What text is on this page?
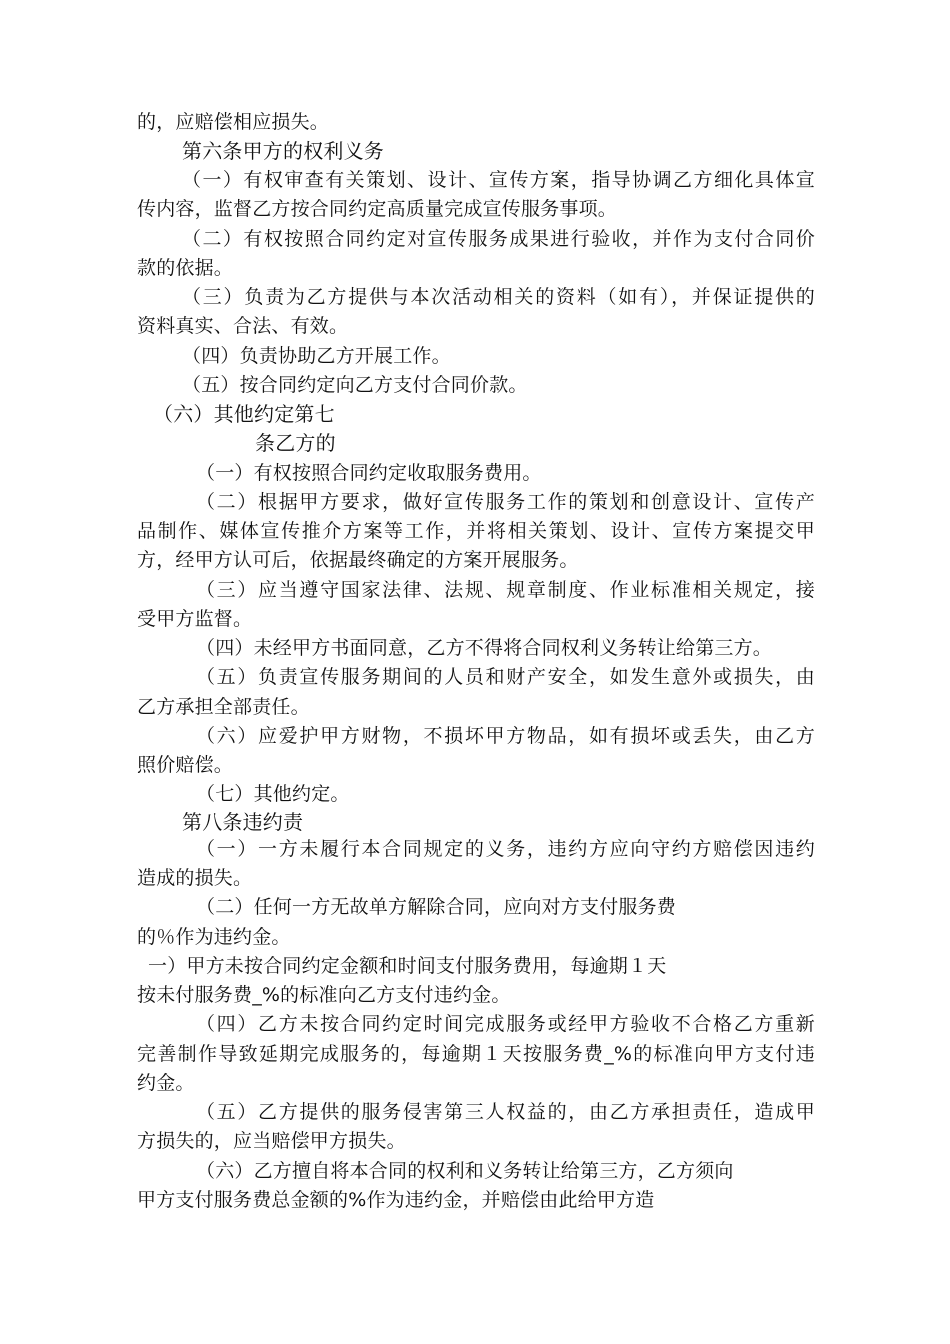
的，应赔偿相应损失。
第六条甲方的权利义务
（一）有权审查有关策划、设计、宣传方案，指导协调乙方细化具体宣
传内容，监督乙方按合同约定高质量完成宣传服务事项。
（二）有权按照合同约定对宣传服务成果进行验收，并作为支付合同价
款的依据。
（三）负责为乙方提供与本次活动相关的资料（如有），并保证提供的
资料真实、合法、有效。
（四）负责协助乙方开展工作。
（五）按合同约定向乙方支付合同价款。
（六）其他约定第七
条乙方的
（一）有权按照合同约定收取服务费用。
（二）根据甲方要求，做好宣传服务工作的策划和创意设计、宣传产
品制作、媒体宣传推介方案等工作，并将相关策划、设计、宣传方案提交甲
方，经甲方认可后，依据最终确定的方案开展服务。
（三）应当遵守国家法律、法规、规章制度、作业标准相关规定，接
受甲方监督。
（四）未经甲方书面同意，乙方不得将合同权利义务转让给第三方。
（五）负责宣传服务期间的人员和财产安全，如发生意外或损失，由
乙方承担全部责任。
（六）应爱护甲方财物，不损坏甲方物品，如有损坏或丢失，由乙方
照价赔偿。
（七）其他约定。
第八条违约责
（一）一方未履行本合同规定的义务，违约方应向守约方赔偿因违约
造成的损失。
（二）任何一方无故单方解除合同，应向对方支付服务费
的％作为违约金。
一）甲方未按合同约定金额和时间支付服务费用，每逾期１天
按未付服务费_%的标准向乙方支付违约金。
（四）乙方未按合同约定时间完成服务或经甲方验收不合格乙方重新
完善制作导致延期完成服务的，每逾期１天按服务费_%的标准向甲方支付违
约金。
（五）乙方提供的服务侵害第三人权益的，由乙方承担责任，造成甲
方损失的，应当赔偿甲方损失。
（六）乙方擅自将本合同的权利和义务转让给第三方，乙方须向
甲方支付服务费总金额的%作为违约金，并赔偿由此给甲方造
